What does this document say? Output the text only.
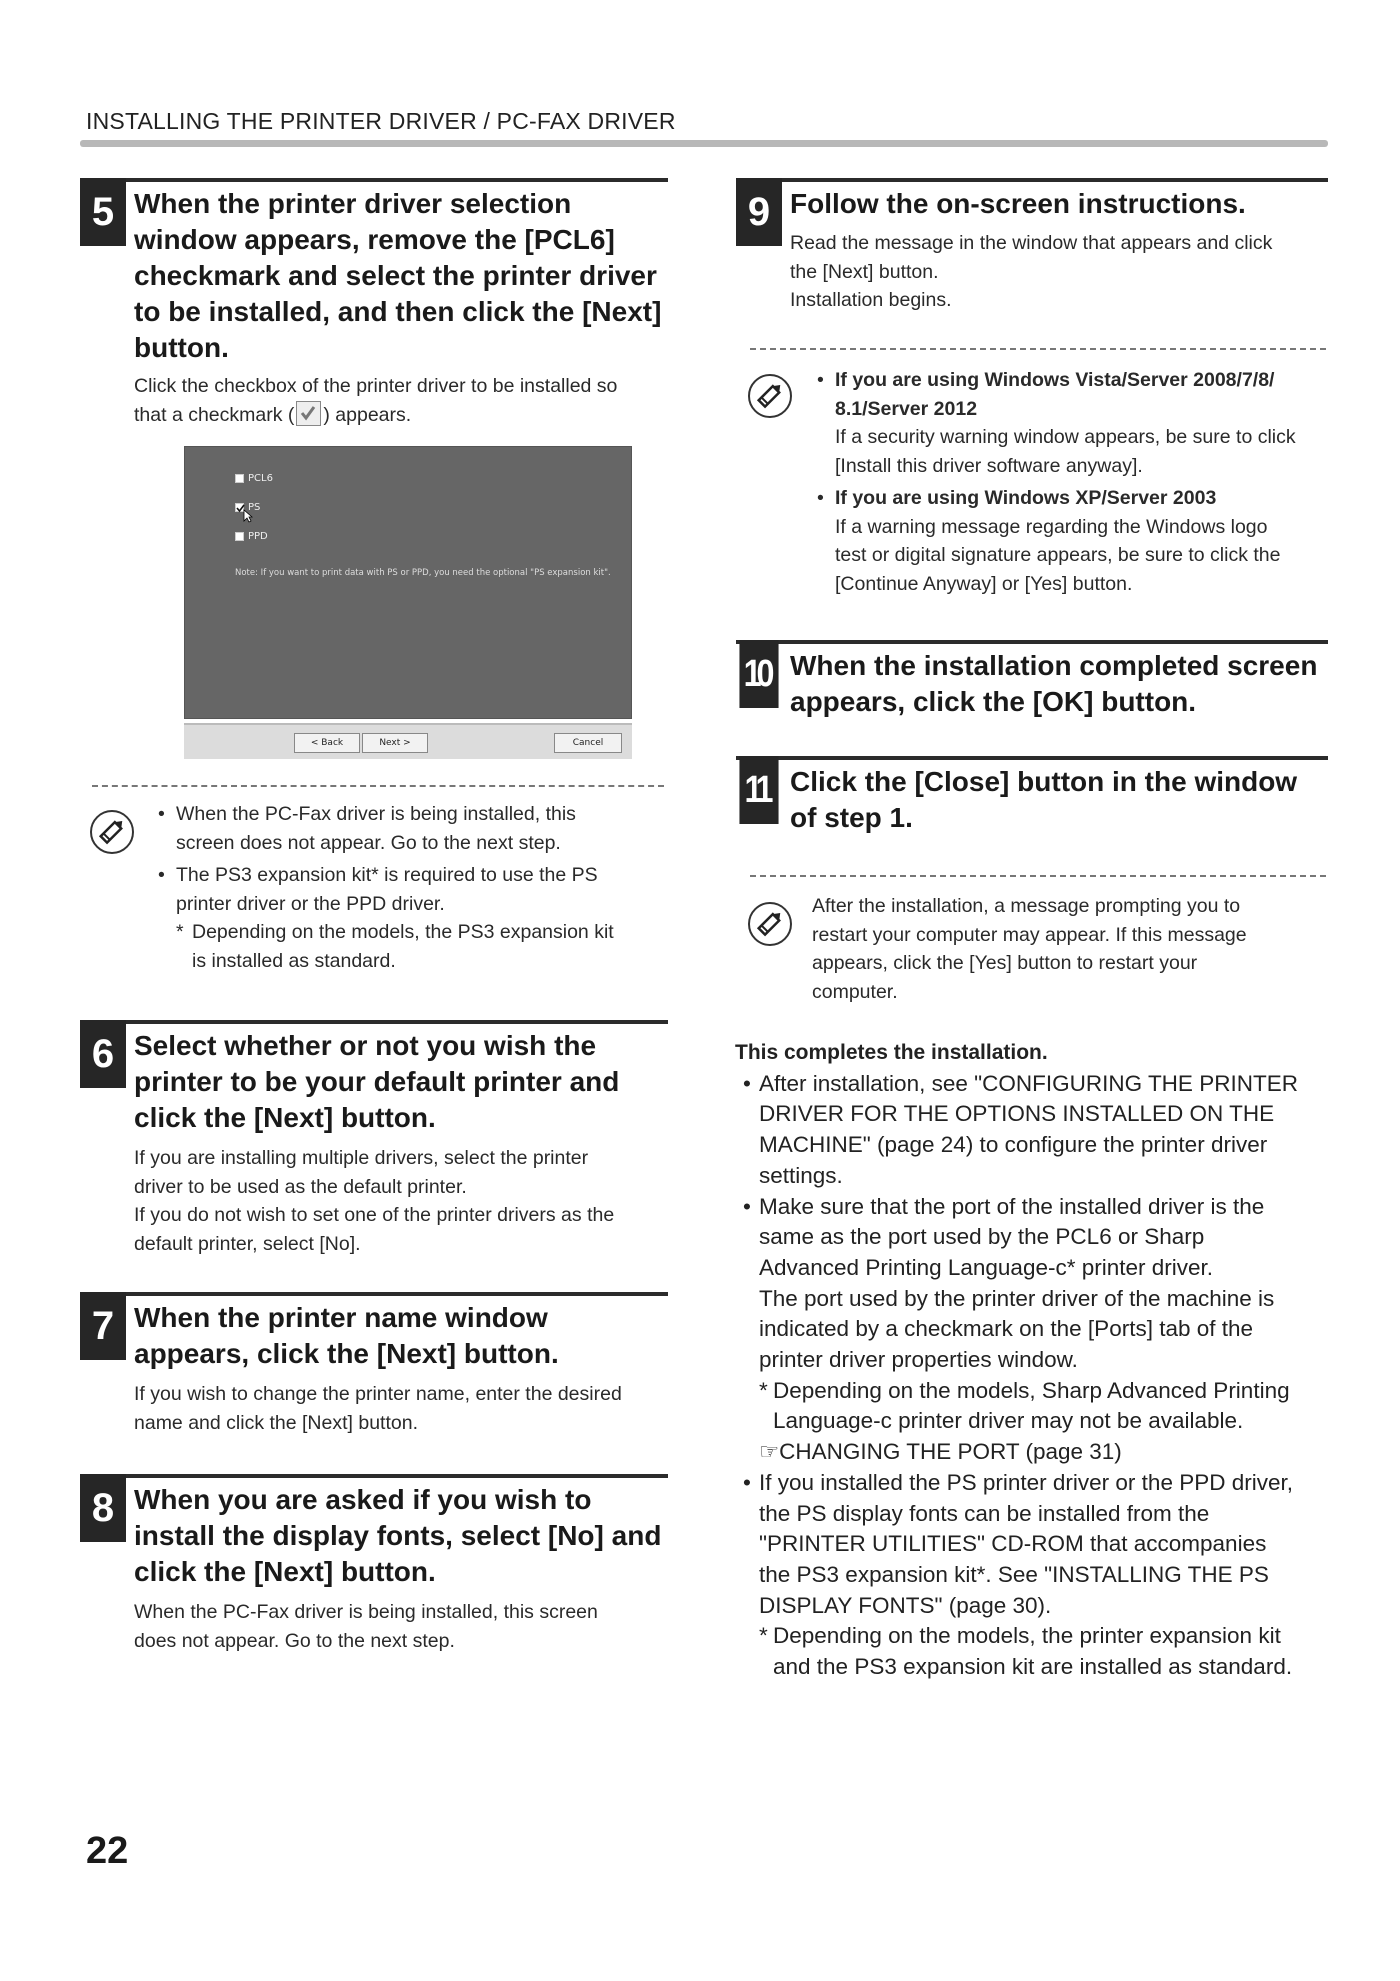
INSTALLING THE PRINTER DRIVER / PC-FAX DRIVER
5 When the printer driver selection
window appears, remove the [PCL6]
checkmark and select the printer driver
to be installed, and then click the [Next]
button.
Click the checkbox of the printer driver to be installed so
that a checkmark ( ) appears.
PCL6
PS
PPD
Note: If you want to print data with PS or PPD, you need the optional "PS expansion kit".
< Back	Next >	Cancel
• When the PC-Fax driver is being installed, this
screen does not appear. Go to the next step.
• The PS3 expansion kit* is required to use the PS
printer driver or the PPD driver.
* Depending on the models, the PS3 expansion kit
is installed as standard.
6 Select whether or not you wish the
printer to be your default printer and
click the [Next] button.
If you are installing multiple drivers, select the printer
driver to be used as the default printer.
If you do not wish to set one of the printer drivers as the
default printer, select [No].
7 When the printer name window
appears, click the [Next] button.
If you wish to change the printer name, enter the desired
name and click the [Next] button.
8 When you are asked if you wish to
install the display fonts, select [No] and
click the [Next] button.
When the PC-Fax driver is being installed, this screen
does not appear. Go to the next step.
9 Follow the on-screen instructions.
Read the message in the window that appears and click
the [Next] button.
Installation begins.
• If you are using Windows Vista/Server 2008/7/8/
8.1/Server 2012
If a security warning window appears, be sure to click
[Install this driver software anyway].
• If you are using Windows XP/Server 2003
If a warning message regarding the Windows logo
test or digital signature appears, be sure to click the
[Continue Anyway] or [Yes] button.
10 When the installation completed screen
appears, click the [OK] button.
11 Click the [Close] button in the window
of step 1.
After the installation, a message prompting you to
restart your computer may appear. If this message
appears, click the [Yes] button to restart your
computer.
This completes the installation.
• After installation, see "CONFIGURING THE PRINTER
DRIVER FOR THE OPTIONS INSTALLED ON THE
MACHINE" (page 24) to configure the printer driver
settings.
• Make sure that the port of the installed driver is the
same as the port used by the PCL6 or Sharp
Advanced Printing Language-c* printer driver.
The port used by the printer driver of the machine is
indicated by a checkmark on the [Ports] tab of the
printer driver properties window.
* Depending on the models, Sharp Advanced Printing
Language-c printer driver may not be available.
☞CHANGING THE PORT (page 31)
• If you installed the PS printer driver or the PPD driver,
the PS display fonts can be installed from the
"PRINTER UTILITIES" CD-ROM that accompanies
the PS3 expansion kit*. See "INSTALLING THE PS
DISPLAY FONTS" (page 30).
* Depending on the models, the printer expansion kit
and the PS3 expansion kit are installed as standard.
22
